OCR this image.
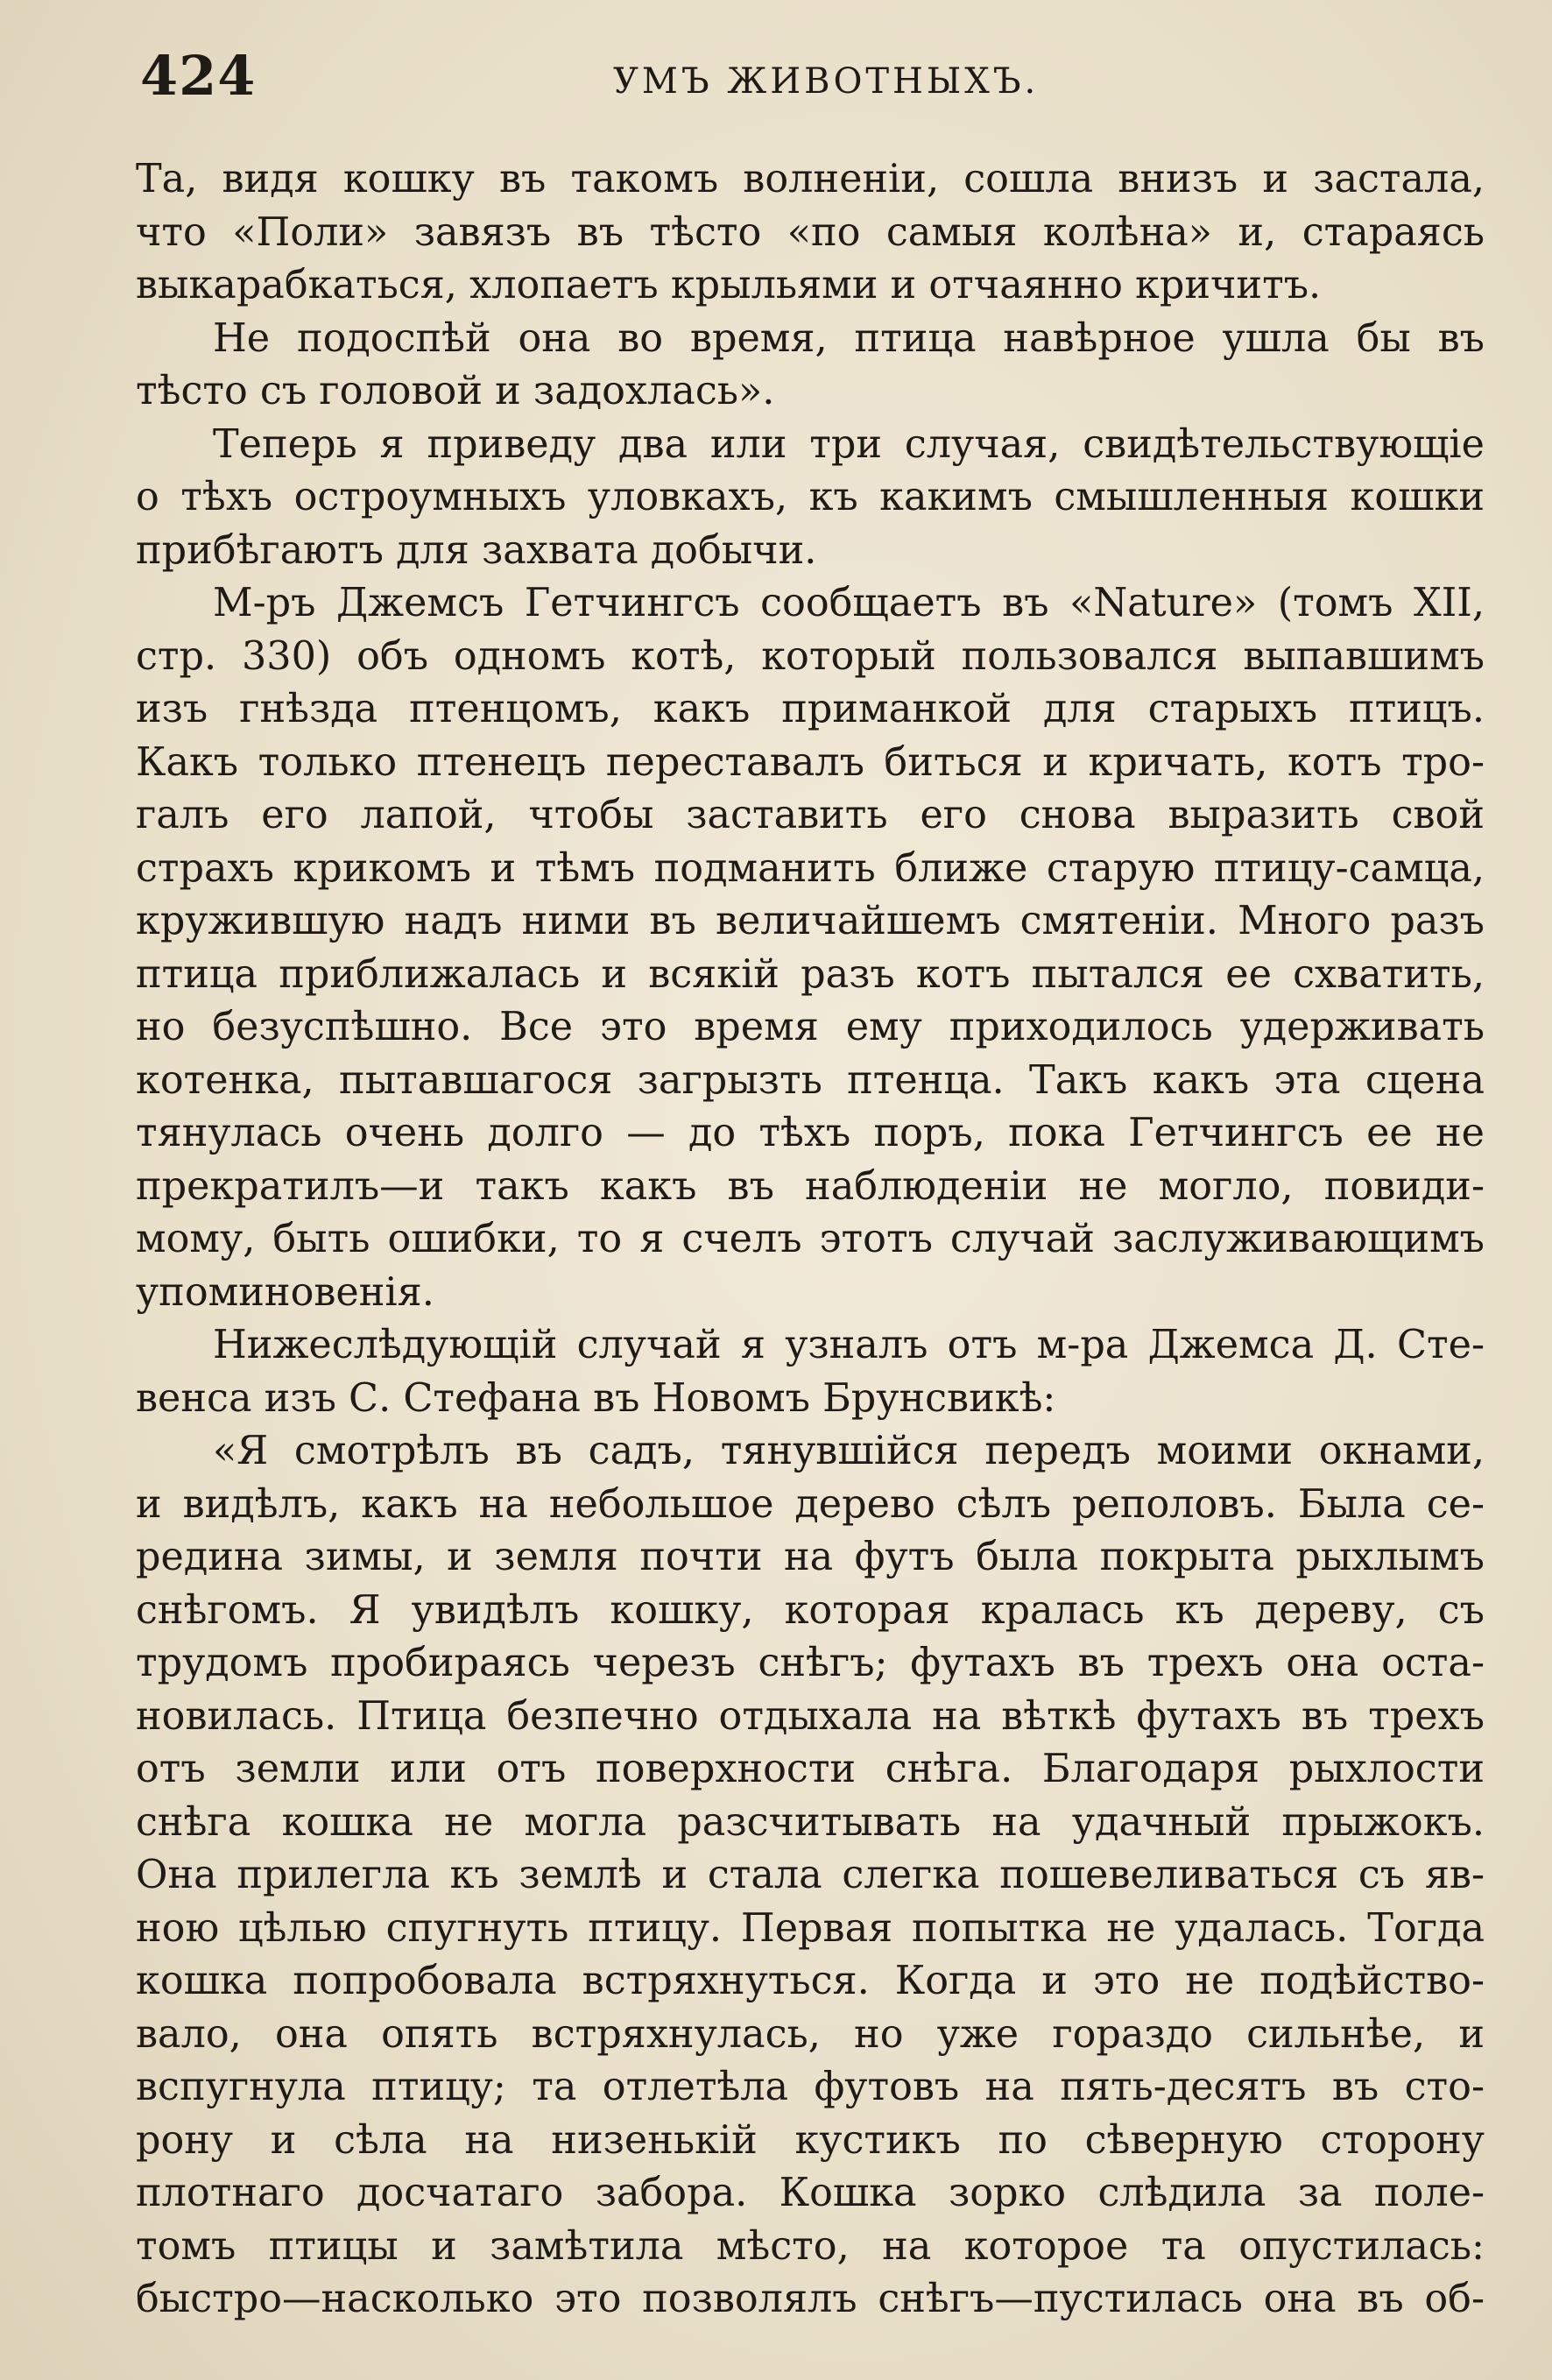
424	УМЪ ЖИВОТНЫХЪ.
Та, видя кошку въ такомъ волненiи, сошла внизъ и застала,
что «Поли» завязъ въ тѣсто «по самыя колѣна» и, стараясь
выкарабкаться, хлопаетъ крыльями и отчаянно кричитъ.
Не подоспѣй она во время, птица навѣрное ушла бы въ
тѣсто съ головой и задохлась».
Теперь я приведу два или три случая, свидѣтельствующiе
о тѣхъ остроумныхъ уловкахъ, къ какимъ смышленныя кошки
прибѣгаютъ для захвата добычи.
М-ръ Джемсъ Гетчингсъ сообщаетъ въ «Nature» (томъ XII,
стр. 330) объ одномъ котѣ, который пользовался выпавшимъ
изъ гнѣзда птенцомъ, какъ приманкой для старыхъ птицъ.
Какъ только птенецъ переставалъ биться и кричать, котъ тро-
галъ его лапой, чтобы заставить его снова выразить свой
страхъ крикомъ и тѣмъ подманить ближе старую птицу-самца,
кружившую надъ ними въ величайшемъ смятенiи. Много разъ
птица приближалась и всякiй разъ котъ пытался ее схватить,
но безуспѣшно. Все это время ему приходилось удерживать
котенка, пытавшагося загрызть птенца. Такъ какъ эта сцена
тянулась очень долго — до тѣхъ поръ, пока Гетчингсъ ее не
прекратилъ—и такъ какъ въ наблюденiи не могло, повиди-
мому, быть ошибки, то я счелъ этотъ случай заслуживающимъ
упоминовенiя.
Нижеслѣдующiй случай я узналъ отъ м-ра Джемса Д. Сте-
венса изъ С. Стефана въ Новомъ Брунсвикѣ:
«Я смотрѣлъ въ садъ, тянувшiйся передъ моими окнами,
и видѣлъ, какъ на небольшое дерево сѣлъ реполовъ. Была се-
редина зимы, и земля почти на футъ была покрыта рыхлымъ
снѣгомъ. Я увидѣлъ кошку, которая кралась къ дереву, съ
трудомъ пробираясь черезъ снѣгъ; футахъ въ трехъ она оста-
новилась. Птица безпечно отдыхала на вѣткѣ футахъ въ трехъ
отъ земли или отъ поверхности снѣга. Благодаря рыхлости
снѣга кошка не могла разсчитывать на удачный прыжокъ.
Она прилегла къ землѣ и стала слегка пошевеливаться съ яв-
ною цѣлью спугнуть птицу. Первая попытка не удалась. Тогда
кошка попробовала встряхнуться. Когда и это не подѣйство-
вало, она опять встряхнулась, но уже гораздо сильнѣе, и
вспугнула птицу; та отлетѣла футовъ на пять-десятъ въ сто-
рону и сѣла на низенькiй кустикъ по сѣверную сторону
плотнаго досчатаго забора. Кошка зорко слѣдила за поле-
томъ птицы и замѣтила мѣсто, на которое та опустилась:
быстро—насколько это позволялъ снѣгъ—пустилась она въ об-
